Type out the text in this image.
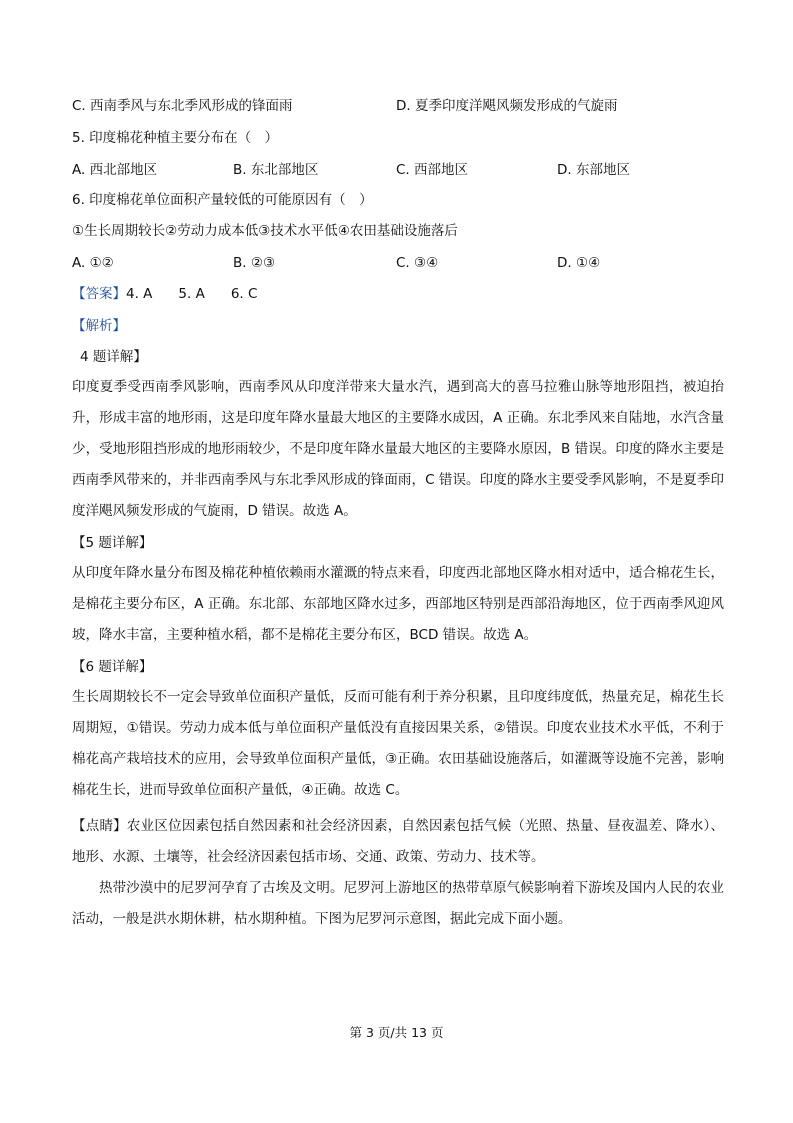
C. 西南季风与东北季风形成的锋面雨	D. 夏季印度洋飓风频发形成的气旋雨
5. 印度棉花种植主要分布在（　）
A. 西北部地区	B. 东北部地区	C. 西部地区	D. 东部地区
6. 印度棉花单位面积产量较低的可能原因有（　）
①生长周期较长②劳动力成本低③技术水平低④农田基础设施落后
A. ①②	B. ②③	C. ③④	D. ①④
【答案】4. A 5. A 6. C
【解析】
4 题详解】

印度夏季受西南季风影响，西南季风从印度洋带来大量水汽，遇到高大的喜马拉雅山脉等地形阻挡，被迫抬升，形成丰富的地形雨，这是印度年降水量最大地区的主要降水成因，A 正确。东北季风来自陆地，水汽含量少，受地形阻挡形成的地形雨较少，不是印度年降水量最大地区的主要降水原因，B 错误。印度的降水主要是西南季风带来的，并非西南季风与东北季风形成的锋面雨，C 错误。印度的降水主要受季风影响，不是夏季印度洋飓风频发形成的气旋雨，D 错误。故选 A。

【5 题详解】

从印度年降水量分布图及棉花种植依赖雨水灌溉的特点来看，印度西北部地区降水相对适中，适合棉花生长，是棉花主要分布区，A 正确。东北部、东部地区降水过多，西部地区特别是西部沿海地区，位于西南季风迎风坡，降水丰富，主要种植水稻，都不是棉花主要分布区，BCD 错误。故选 A。

【6 题详解】

生长周期较长不一定会导致单位面积产量低，反而可能有利于养分积累，且印度纬度低，热量充足，棉花生长周期短，①错误。劳动力成本低与单位面积产量低没有直接因果关系，②错误。印度农业技术水平低，不利于棉花高产栽培技术的应用，会导致单位面积产量低，③正确。农田基础设施落后，如灌溉等设施不完善，影响棉花生长，进而导致单位面积产量低，④正确。故选 C。

【点睛】农业区位因素包括自然因素和社会经济因素，自然因素包括气候（光照、热量、昼夜温差、降水）、地形、水源、土壤等，社会经济因素包括市场、交通、政策、劳动力、技术等。

热带沙漠中的尼罗河孕育了古埃及文明。尼罗河上游地区的热带草原气候影响着下游埃及国内人民的农业活动，一般是洪水期休耕，枯水期种植。下图为尼罗河示意图，据此完成下面小题。

第 3 页/共 13 页
